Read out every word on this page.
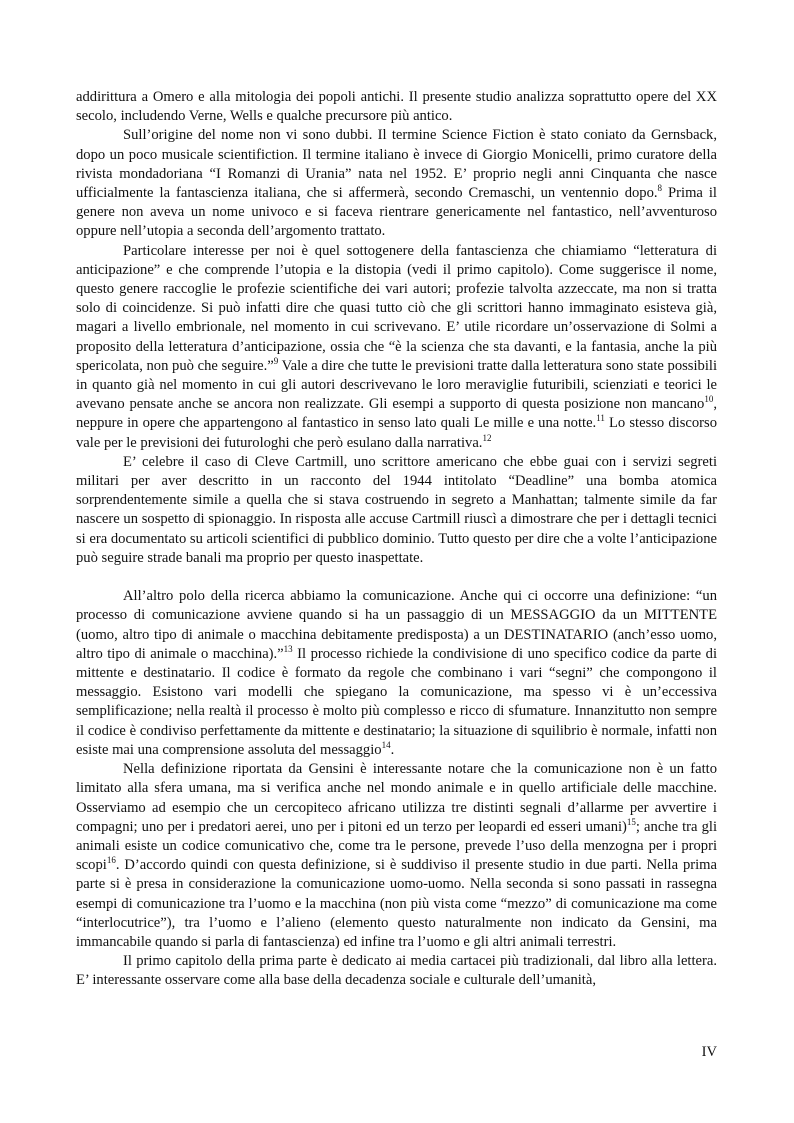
addirittura a Omero e alla mitologia dei popoli antichi. Il presente studio analizza soprattutto opere del XX secolo, includendo Verne, Wells e qualche precursore più antico.

Sull’origine del nome non vi sono dubbi. Il termine Science Fiction è stato coniato da Gernsback, dopo un poco musicale scientifiction. Il termine italiano è invece di Giorgio Monicelli, primo curatore della rivista mondadoriana “I Romanzi di Urania” nata nel 1952. E’ proprio negli anni Cinquanta che nasce ufficialmente la fantascienza italiana, che si affermerà, secondo Cremaschi, un ventennio dopo.$^8$ Prima il genere non aveva un nome univoco e si faceva rientrare genericamente nel fantastico, nell’avventuroso oppure nell’utopia a seconda dell’argomento trattato.

Particolare interesse per noi è quel sottogenere della fantascienza che chiamiamo “letteratura di anticipazione” e che comprende l’utopia e la distopia (vedi il primo capitolo). Come suggerisce il nome, questo genere raccoglie le profezie scientifiche dei vari autori; profezie talvolta azzeccate, ma non si tratta solo di coincidenze. Si può infatti dire che quasi tutto ciò che gli scrittori hanno immaginato esisteva già, magari a livello embrionale, nel momento in cui scrivevano. E’ utile ricordare un’osservazione di Solmi a proposito della letteratura d’anticipazione, ossia che “è la scienza che sta davanti, e la fantasia, anche la più spericolata, non può che seguire.”$^9$ Vale a dire che tutte le previsioni tratte dalla letteratura sono state possibili in quanto già nel momento in cui gli autori descrivevano le loro meraviglie futuribili, scienziati e teorici le avevano pensate anche se ancora non realizzate. Gli esempi a supporto di questa posizione non mancano$^{10}$, neppure in opere che appartengono al fantastico in senso lato quali Le mille e una notte.$^{11}$ Lo stesso discorso vale per le previsioni dei futurologhi che però esulano dalla narrativa.$^{12}$

E’ celebre il caso di Cleve Cartmill, uno scrittore americano che ebbe guai con i servizi segreti militari per aver descritto in un racconto del 1944 intitolato “Deadline” una bomba atomica sorprendentemente simile a quella che si stava costruendo in segreto a Manhattan; talmente simile da far nascere un sospetto di spionaggio. In risposta alle accuse Cartmill riuscì a dimostrare che per i dettagli tecnici si era documentato su articoli scientifici di pubblico dominio. Tutto questo per dire che a volte l’anticipazione può seguire strade banali ma proprio per questo inaspettate.

All’altro polo della ricerca abbiamo la comunicazione. Anche qui ci occorre una definizione: “un processo di comunicazione avviene quando si ha un passaggio di un MESSAGGIO da un MITTENTE (uomo, altro tipo di animale o macchina debitamente predisposta) a un DESTINATARIO (anch’esso uomo, altro tipo di animale o macchina).”$^{13}$ Il processo richiede la condivisione di uno specifico codice da parte di mittente e destinatario. Il codice è formato da regole che combinano i vari “segni” che compongono il messaggio. Esistono vari modelli che spiegano la comunicazione, ma spesso vi è un’eccessiva semplificazione; nella realtà il processo è molto più complesso e ricco di sfumature. Innanzitutto non sempre il codice è condiviso perfettamente da mittente e destinatario; la situazione di squilibrio è normale, infatti non esiste mai una comprensione assoluta del messaggio$^{14}$.

Nella definizione riportata da Gensini è interessante notare che la comunicazione non è un fatto limitato alla sfera umana, ma si verifica anche nel mondo animale e in quello artificiale delle macchine. Osserviamo ad esempio che un cercopiteco africano utilizza tre distinti segnali d’allarme per avvertire i compagni; uno per i predatori aerei, uno per i pitoni ed un terzo per leopardi ed esseri umani)$^{15}$; anche tra gli animali esiste un codice comunicativo che, come tra le persone, prevede l’uso della menzogna per i propri scopi$^{16}$. D’accordo quindi con questa definizione, si è suddiviso il presente studio in due parti. Nella prima parte si è presa in considerazione la comunicazione uomo-uomo. Nella seconda si sono passati in rassegna esempi di comunicazione tra l’uomo e la macchina (non più vista come “mezzo” di comunicazione ma come “interlocutrice”), tra l’uomo e l’alieno (elemento questo naturalmente non indicato da Gensini, ma immancabile quando si parla di fantascienza) ed infine tra l’uomo e gli altri animali terrestri.

Il primo capitolo della prima parte è dedicato ai media cartacei più tradizionali, dal libro alla lettera. E’ interessante osservare come alla base della decadenza sociale e culturale dell’umanità,

IV
